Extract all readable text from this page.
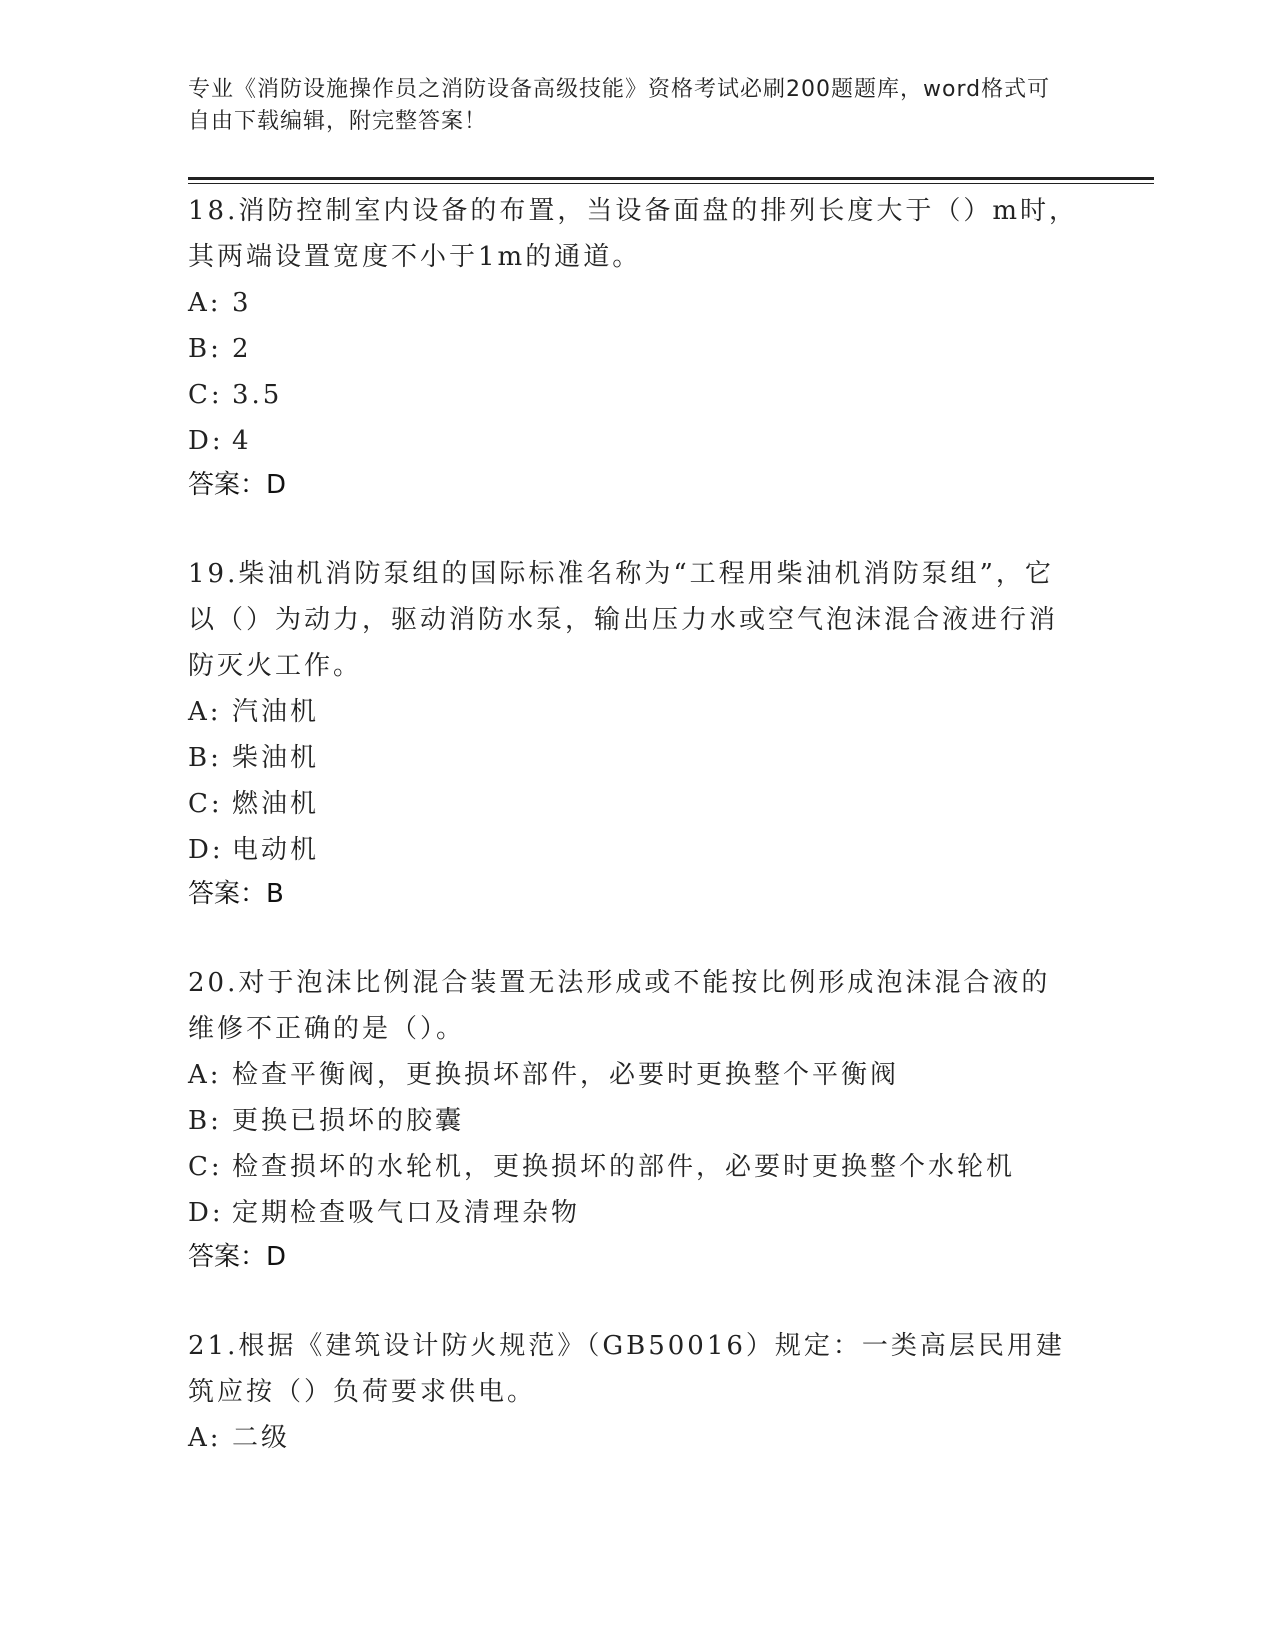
专业《消防设施操作员之消防设备高级技能》资格考试必刷200题题库，word格式可自由下载编辑，附完整答案！

18.消防控制室内设备的布置，当设备面盘的排列长度大于（）m时，其两端设置宽度不小于1m的通道。

A: 3
B: 2
C: 3.5
D: 4

答案：D

19.柴油机消防泵组的国际标准名称为“工程用柴油机消防泵组”，它以（）为动力，驱动消防水泵，输出压力水或空气泡沫混合液进行消防灭火工作。

A: 汽油机
B: 柴油机
C: 燃油机
D: 电动机

答案：B

20.对于泡沫比例混合装置无法形成或不能按比例形成泡沫混合液的维修不正确的是（）。

A: 检查平衡阀，更换损坏部件，必要时更换整个平衡阀
B: 更换已损坏的胶囊
C: 检查损坏的水轮机，更换损坏的部件，必要时更换整个水轮机
D: 定期检查吸气口及清理杂物

答案：D

21.根据《建筑设计防火规范》（GB50016）规定：一类高层民用建筑应按（）负荷要求供电。

A: 二级
